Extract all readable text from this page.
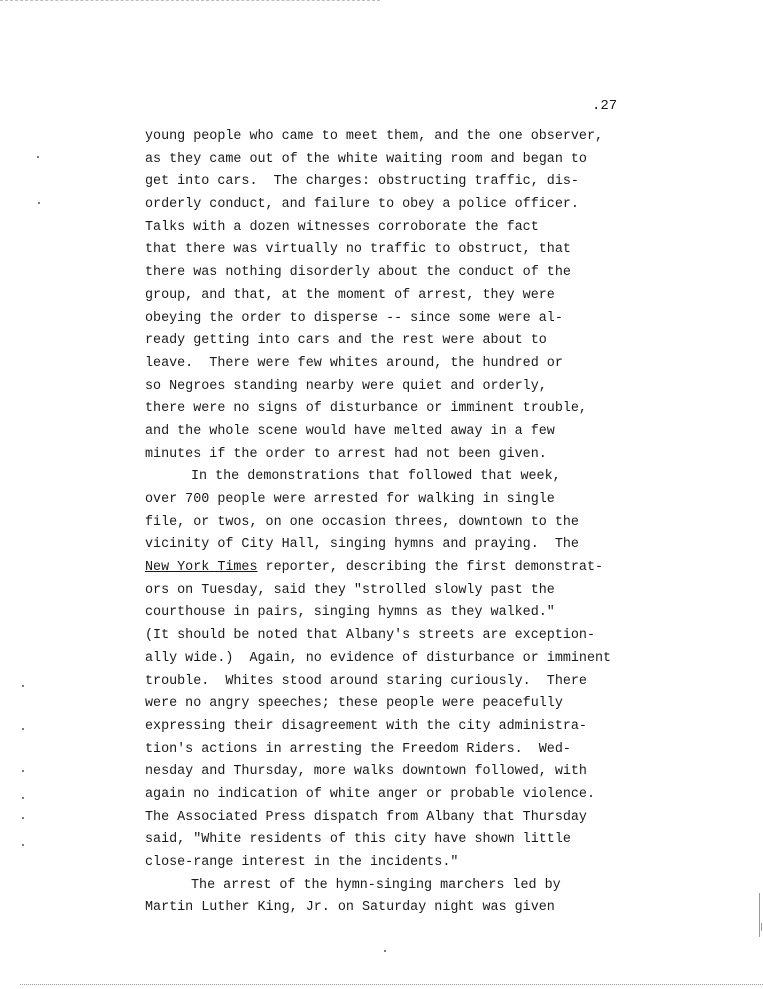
.27
young people who came to meet them, and the one observer,
as they came out of the white waiting room and began to
get into cars.  The charges: obstructing traffic, dis-
orderly conduct, and failure to obey a police officer.
Talks with a dozen witnesses corroborate the fact
that there was virtually no traffic to obstruct, that
there was nothing disorderly about the conduct of the
group, and that, at the moment of arrest, they were
obeying the order to disperse -- since some were al-
ready getting into cars and the rest were about to
leave.  There were few whites around, the hundred or
so Negroes standing nearby were quiet and orderly,
there were no signs of disturbance or imminent trouble,
and the whole scene would have melted away in a few
minutes if the order to arrest had not been given.
In the demonstrations that followed that week,
over 700 people were arrested for walking in single
file, or twos, on one occasion threes, downtown to the
vicinity of City Hall, singing hymns and praying.  The
New York Times reporter, describing the first demonstrat-
ors on Tuesday, said they "strolled slowly past the
courthouse in pairs, singing hymns as they walked."
(It should be noted that Albany's streets are exception-
ally wide.)  Again, no evidence of disturbance or imminent
trouble.  Whites stood around staring curiously.  There
were no angry speeches; these people were peacefully
expressing their disagreement with the city administra-
tion's actions in arresting the Freedom Riders.  Wed-
nesday and Thursday, more walks downtown followed, with
again no indication of white anger or probable violence.
The Associated Press dispatch from Albany that Thursday
said, "White residents of this city have shown little
close-range interest in the incidents."
The arrest of the hymn-singing marchers led by
Martin Luther King, Jr. on Saturday night was given
